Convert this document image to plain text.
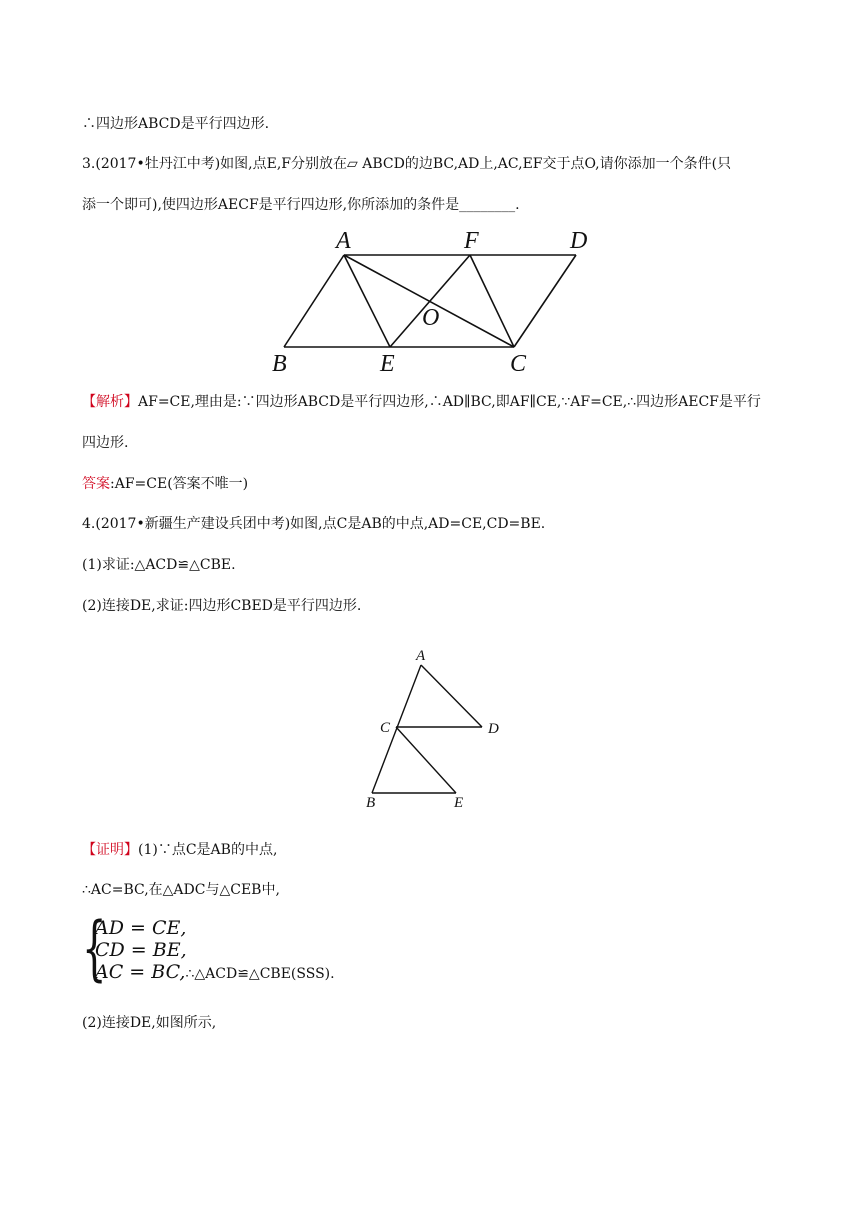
∴四边形ABCD是平行四边形.
3.(2017•牡丹江中考)如图,点E,F分别放在▱ ABCD的边BC,AD上,AC,EF交于点O,请你添加一个条件(只
添一个即可),使四边形AECF是平行四边形,你所添加的条件是________.
A	F	D
O
B	E	C
【解析】AF=CE,理由是:∵四边形ABCD是平行四边形,∴AD∥BC,即AF∥CE,∵AF=CE,∴四边形AECF是平行
四边形.
答案:AF=CE(答案不唯一)
4.(2017•新疆生产建设兵团中考)如图,点C是AB的中点,AD=CE,CD=BE.
(1)求证:△ACD≌△CBE.
(2)连接DE,求证:四边形CBED是平行四边形.
A
C	D
B	E
【证明】(1)∵点C是AB的中点,
∴AC=BC,在△ADC与△CEB中,
{
AD = CE,
CD = BE,
AC = BC,∴△ACD≌△CBE(SSS).
(2)连接DE,如图所示,
